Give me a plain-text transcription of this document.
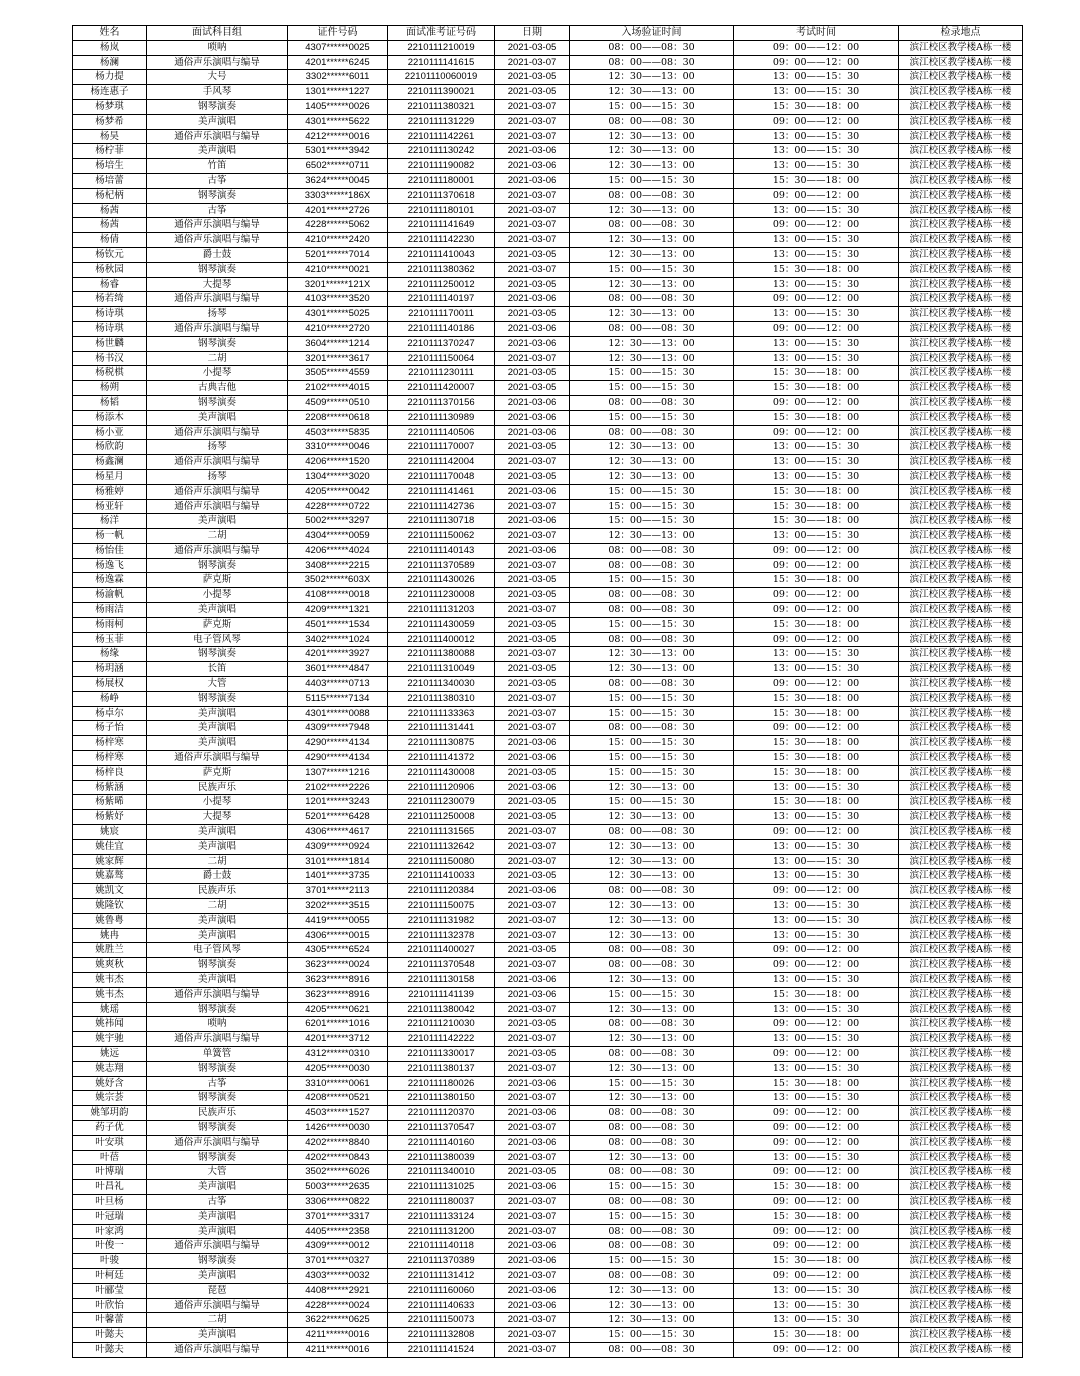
姓名	面试科目组	证件号码	面试准考证号码	日期	入场验证时间	考试时间	检录地点
杨岚	唢呐	4307******0025	2210111210019	2021-03-05	08：00——08：30	09：00——12：00	滨江校区教学楼A栋一楼
杨澜	通俗声乐演唱与编导	4201******6245	2210111141615	2021-03-07	08：00——08：30	09：00——12：00	滨江校区教学楼A栋一楼
杨力提	大号	3302******6011	22101110060019	2021-03-05	12：30——13：00	13：00——15：30	滨江校区教学楼A栋一楼
杨连惠子	手风琴	1301******1227	2210111390021	2021-03-05	12：30——13：00	13：00——15：30	滨江校区教学楼A栋一楼
杨梦琪	钢琴演奏	1405******0026	2210111380321	2021-03-07	15：00——15：30	15：30——18：00	滨江校区教学楼A栋一楼
杨梦希	美声演唱	4301******5622	2210111131229	2021-03-07	08：00——08：30	09：00——12：00	滨江校区教学楼A栋一楼
杨昊	通俗声乐演唱与编导	4212******0016	2210111142261	2021-03-07	12：30——13：00	13：00——15：30	滨江校区教学楼A栋一楼
杨柠菲	美声演唱	5301******3942	2210111130242	2021-03-06	12：30——13：00	13：00——15：30	滨江校区教学楼A栋一楼
杨培生	竹笛	6502******0711	2210111190082	2021-03-06	12：30——13：00	13：00——15：30	滨江校区教学楼A栋一楼
杨培蕾	古筝	3624******0045	2210111180001	2021-03-06	15：00——15：30	15：30——18：00	滨江校区教学楼A栋一楼
杨杞柄	钢琴演奏	3303******186X	2210111370618	2021-03-07	08：00——08：30	09：00——12：00	滨江校区教学楼A栋一楼
杨茜	古筝	4201******2726	2210111180101	2021-03-07	12：30——13：00	13：00——15：30	滨江校区教学楼A栋一楼
杨茜	通俗声乐演唱与编导	4228******5062	2210111141649	2021-03-07	08：00——08：30	09：00——12：00	滨江校区教学楼A栋一楼
杨倩	通俗声乐演唱与编导	4210******2420	2210111142230	2021-03-07	12：30——13：00	13：00——15：30	滨江校区教学楼A栋一楼
杨钦元	爵士鼓	5201******7014	2210111410043	2021-03-05	12：30——13：00	13：00——15：30	滨江校区教学楼A栋一楼
杨秋园	钢琴演奏	4210******0021	2210111380362	2021-03-07	15：00——15：30	15：30——18：00	滨江校区教学楼A栋一楼
杨睿	大提琴	3201******121X	2210111250012	2021-03-05	12：30——13：00	13：00——15：30	滨江校区教学楼A栋一楼
杨若绮	通俗声乐演唱与编导	4103******3520	2210111140197	2021-03-06	08：00——08：30	09：00——12：00	滨江校区教学楼A栋一楼
杨诗琪	扬琴	4301******5025	2210111170011	2021-03-05	12：30——13：00	13：00——15：30	滨江校区教学楼A栋一楼
杨诗琪	通俗声乐演唱与编导	4210******2720	2210111140186	2021-03-06	08：00——08：30	09：00——12：00	滨江校区教学楼A栋一楼
杨世麟	钢琴演奏	3604******1214	2210111370247	2021-03-06	12：30——13：00	13：00——15：30	滨江校区教学楼A栋一楼
杨书汉	二胡	3201******3617	2210111150064	2021-03-07	12：30——13：00	13：00——15：30	滨江校区教学楼A栋一楼
杨税棋	小提琴	3505******4559	2210111230111	2021-03-05	15：00——15：30	15：30——18：00	滨江校区教学楼A栋一楼
杨朔	古典吉他	2102******4015	2210111420007	2021-03-05	15：00——15：30	15：30——18：00	滨江校区教学楼A栋一楼
杨韬	钢琴演奏	4509******0510	2210111370156	2021-03-06	08：00——08：30	09：00——12：00	滨江校区教学楼A栋一楼
杨添木	美声演唱	2208******0618	2210111130989	2021-03-06	15：00——15：30	15：30——18：00	滨江校区教学楼A栋一楼
杨小亚	通俗声乐演唱与编导	4503******5835	2210111140506	2021-03-06	08：00——08：30	09：00——12：00	滨江校区教学楼A栋一楼
杨欣韵	扬琴	3310******0046	2210111170007	2021-03-05	12：30——13：00	13：00——15：30	滨江校区教学楼A栋一楼
杨鑫澜	通俗声乐演唱与编导	4206******1520	2210111142004	2021-03-07	12：30——13：00	13：00——15：30	滨江校区教学楼A栋一楼
杨星月	扬琴	1304******3020	2210111170048	2021-03-05	12：30——13：00	13：00——15：30	滨江校区教学楼A栋一楼
杨雅婷	通俗声乐演唱与编导	4205******0042	2210111141461	2021-03-06	15：00——15：30	15：30——18：00	滨江校区教学楼A栋一楼
杨亚轩	通俗声乐演唱与编导	4228******0722	2210111142736	2021-03-07	15：00——15：30	15：30——18：00	滨江校区教学楼A栋一楼
杨洋	美声演唱	5002******3297	2210111130718	2021-03-06	15：00——15：30	15：30——18：00	滨江校区教学楼A栋一楼
杨一帆	二胡	4304******0059	2210111150062	2021-03-07	12：30——13：00	13：00——15：30	滨江校区教学楼A栋一楼
杨怡佳	通俗声乐演唱与编导	4206******4024	2210111140143	2021-03-06	08：00——08：30	09：00——12：00	滨江校区教学楼A栋一楼
杨逸飞	钢琴演奏	3408******2215	2210111370589	2021-03-07	08：00——08：30	09：00——12：00	滨江校区教学楼A栋一楼
杨逸霖	萨克斯	3502******603X	2210111430026	2021-03-05	15：00——15：30	15：30——18：00	滨江校区教学楼A栋一楼
杨渝帆	小提琴	4108******0018	2210111230008	2021-03-05	08：00——08：30	09：00——12：00	滨江校区教学楼A栋一楼
杨雨洁	美声演唱	4209******1321	2210111131203	2021-03-07	08：00——08：30	09：00——12：00	滨江校区教学楼A栋一楼
杨雨柯	萨克斯	4501******1534	2210111430059	2021-03-05	15：00——15：30	15：30——18：00	滨江校区教学楼A栋一楼
杨玉菲	电子管风琴	3402******1024	2210111400012	2021-03-05	08：00——08：30	09：00——12：00	滨江校区教学楼A栋一楼
杨缘	钢琴演奏	4201******3927	2210111380088	2021-03-07	12：30——13：00	13：00——15：30	滨江校区教学楼A栋一楼
杨玥涵	长笛	3601******4847	2210111310049	2021-03-05	12：30——13：00	13：00——15：30	滨江校区教学楼A栋一楼
杨展权	大管	4403******0713	2210111340030	2021-03-05	08：00——08：30	09：00——12：00	滨江校区教学楼A栋一楼
杨峥	钢琴演奏	5115******7134	2210111380310	2021-03-07	15：00——15：30	15：30——18：00	滨江校区教学楼A栋一楼
杨卓尔	美声演唱	4301******0088	2210111133363	2021-03-07	15：00——15：30	15：30——18：00	滨江校区教学楼A栋一楼
杨子怡	美声演唱	4309******7948	2210111131441	2021-03-07	08：00——08：30	09：00——12：00	滨江校区教学楼A栋一楼
杨梓寒	美声演唱	4290******4134	2210111130875	2021-03-06	15：00——15：30	15：30——18：00	滨江校区教学楼A栋一楼
杨梓寒	通俗声乐演唱与编导	4290******4134	2210111141372	2021-03-06	15：00——15：30	15：30——18：00	滨江校区教学楼A栋一楼
杨梓良	萨克斯	1307******1216	2210111430008	2021-03-05	15：00——15：30	15：30——18：00	滨江校区教学楼A栋一楼
杨紫涵	民族声乐	2102******2226	2210111120906	2021-03-06	12：30——13：00	13：00——15：30	滨江校区教学楼A栋一楼
杨紫晞	小提琴	1201******3243	2210111230079	2021-03-05	15：00——15：30	15：30——18：00	滨江校区教学楼A栋一楼
杨紫妤	大提琴	5201******6428	2210111250008	2021-03-05	12：30——13：00	13：00——15：30	滨江校区教学楼A栋一楼
姚宸	美声演唱	4306******4617	2210111131565	2021-03-07	08：00——08：30	09：00——12：00	滨江校区教学楼A栋一楼
姚佳宜	美声演唱	4309******0924	2210111132642	2021-03-07	12：30——13：00	13：00——15：30	滨江校区教学楼A栋一楼
姚家辉	二胡	3101******1814	2210111150080	2021-03-07	12：30——13：00	13：00——15：30	滨江校区教学楼A栋一楼
姚嘉骜	爵士鼓	1401******3735	2210111410033	2021-03-05	12：30——13：00	13：00——15：30	滨江校区教学楼A栋一楼
姚凯文	民族声乐	3701******2113	2210111120384	2021-03-06	08：00——08：30	09：00——12：00	滨江校区教学楼A栋一楼
姚隆钦	二胡	3202******3515	2210111150075	2021-03-07	12：30——13：00	13：00——15：30	滨江校区教学楼A栋一楼
姚鲁粤	美声演唱	4419******0055	2210111131982	2021-03-07	12：30——13：00	13：00——15：30	滨江校区教学楼A栋一楼
姚冉	美声演唱	4306******0015	2210111132378	2021-03-07	12：30——13：00	13：00——15：30	滨江校区教学楼A栋一楼
姚胜兰	电子管风琴	4305******6524	2210111400027	2021-03-05	08：00——08：30	09：00——12：00	滨江校区教学楼A栋一楼
姚爽秋	钢琴演奏	3623******0024	2210111370548	2021-03-07	08：00——08：30	09：00——12：00	滨江校区教学楼A栋一楼
姚韦杰	美声演唱	3623******8916	2210111130158	2021-03-06	12：30——13：00	13：00——15：30	滨江校区教学楼A栋一楼
姚韦杰	通俗声乐演唱与编导	3623******8916	2210111141139	2021-03-06	15：00——15：30	15：30——18：00	滨江校区教学楼A栋一楼
姚瑶	钢琴演奏	4205******0621	2210111380042	2021-03-07	12：30——13：00	13：00——15：30	滨江校区教学楼A栋一楼
姚祎闻	唢呐	6201******1016	2210111210030	2021-03-05	08：00——08：30	09：00——12：00	滨江校区教学楼A栋一楼
姚宇驰	通俗声乐演唱与编导	4201******3712	2210111142222	2021-03-07	12：30——13：00	13：00——15：30	滨江校区教学楼A栋一楼
姚远	单簧管	4312******0310	2210111330017	2021-03-05	08：00——08：30	09：00——12：00	滨江校区教学楼A栋一楼
姚志翔	钢琴演奏	4205******0030	2210111380137	2021-03-07	12：30——13：00	13：00——15：30	滨江校区教学楼A栋一楼
姚妤含	古筝	3310******0061	2210111180026	2021-03-06	15：00——15：30	15：30——18：00	滨江校区教学楼A栋一楼
姚宗荟	钢琴演奏	4208******0521	2210111380150	2021-03-07	12：30——13：00	13：00——15：30	滨江校区教学楼A栋一楼
姚邹玥韵	民族声乐	4503******1527	2210111120370	2021-03-06	08：00——08：30	09：00——12：00	滨江校区教学楼A栋一楼
药子优	钢琴演奏	1426******0030	2210111370547	2021-03-07	08：00——08：30	09：00——12：00	滨江校区教学楼A栋一楼
叶安琪	通俗声乐演唱与编导	4202******8840	2210111140160	2021-03-06	08：00——08：30	09：00——12：00	滨江校区教学楼A栋一楼
叶蓓	钢琴演奏	4202******0843	2210111380039	2021-03-07	12：30——13：00	13：00——15：30	滨江校区教学楼A栋一楼
叶博瑞	大管	3502******6026	2210111340010	2021-03-05	08：00——08：30	09：00——12：00	滨江校区教学楼A栋一楼
叶昌礼	美声演唱	5003******2635	2210111131025	2021-03-06	15：00——15：30	15：30——18：00	滨江校区教学楼A栋一楼
叶旦杨	古筝	3306******0822	2210111180037	2021-03-07	08：00——08：30	09：00——12：00	滨江校区教学楼A栋一楼
叶冠瑞	美声演唱	3701******3317	2210111133124	2021-03-07	15：00——15：30	15：30——18：00	滨江校区教学楼A栋一楼
叶家鸿	美声演唱	4405******2358	2210111131200	2021-03-07	08：00——08：30	09：00——12：00	滨江校区教学楼A栋一楼
叶俊一	通俗声乐演唱与编导	4309******0012	2210111140118	2021-03-06	08：00——08：30	09：00——12：00	滨江校区教学楼A栋一楼
叶骏	钢琴演奏	3701******0327	2210111370389	2021-03-06	15：00——15：30	15：30——18：00	滨江校区教学楼A栋一楼
叶柯廷	美声演唱	4303******0032	2210111131412	2021-03-07	08：00——08：30	09：00——12：00	滨江校区教学楼A栋一楼
叶郦莹	琵琶	4408******2921	2210111160060	2021-03-06	12：30——13：00	13：00——15：30	滨江校区教学楼A栋一楼
叶欣怡	通俗声乐演唱与编导	4228******0024	2210111140633	2021-03-06	12：30——13：00	13：00——15：30	滨江校区教学楼A栋一楼
叶馨蕾	二胡	3622******0625	2210111150073	2021-03-07	12：30——13：00	13：00——15：30	滨江校区教学楼A栋一楼
叶懿夫	美声演唱	4211******0016	2210111132808	2021-03-07	15：00——15：30	15：30——18：00	滨江校区教学楼A栋一楼
叶懿夫	通俗声乐演唱与编导	4211******0016	2210111141524	2021-03-07	08：00——08：30	09：00——12：00	滨江校区教学楼A栋一楼
